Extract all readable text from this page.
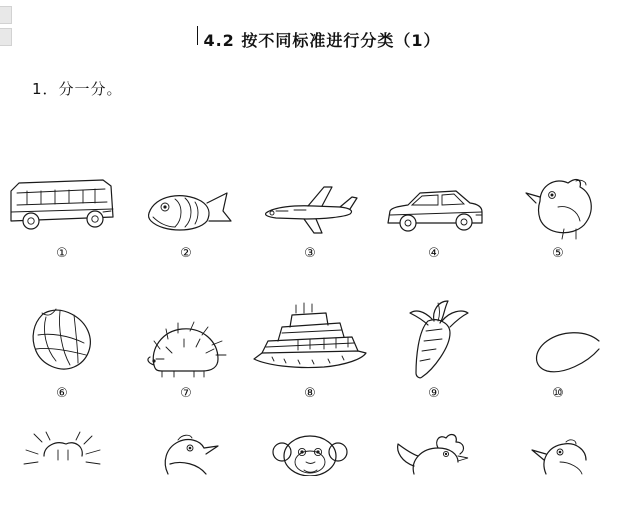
4.2 按不同标准进行分类（1）
1．分一分。
①	②	③	④	⑤
⑥	⑦	⑧	⑨	⑩
